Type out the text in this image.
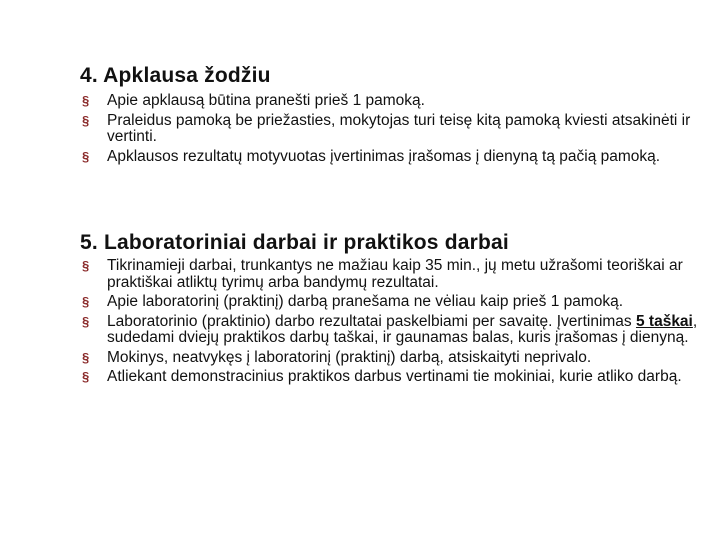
4. Apklausa žodžiu
§ Apie apklausą būtina pranešti prieš 1 pamoką.
§ Praleidus pamoką be priežasties, mokytojas turi teisę kitą pamoką kviesti atsakinėti ir vertinti.
§ Apklausos rezultatų motyvuotas įvertinimas įrašomas į dienyną tą pačią pamoką.
5. Laboratoriniai darbai ir praktikos darbai
§ Tikrinamieji darbai, trunkantys ne mažiau kaip 35 min., jų metu užrašomi teoriškai ar praktiškai atliktų tyrimų arba bandymų rezultatai.
§ Apie laboratorinį (praktinį) darbą pranešama ne vėliau kaip prieš 1 pamoką.
§ Laboratorinio (praktinio) darbo rezultatai paskelbiami per savaitę. Įvertinimas 5 taškai, sudedami dviejų praktikos darbų taškai, ir gaunamas balas, kuris įrašomas į dienyną.
§ Mokinys, neatvykęs į laboratorinį (praktinį) darbą, atsiskaityti neprivalo.
§ Atliekant demonstracinius praktikos darbus vertinami tie mokiniai, kurie atliko darbą.
